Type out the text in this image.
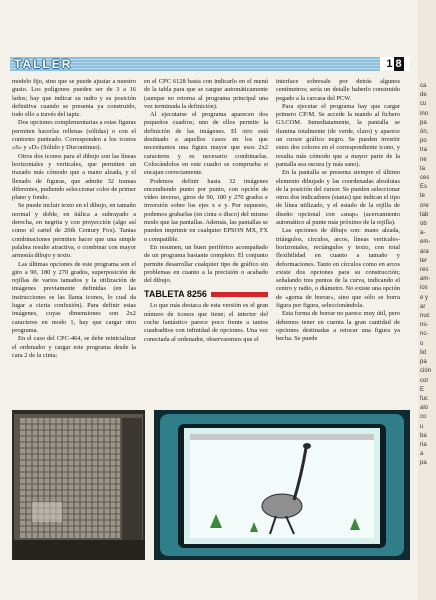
TALLER	1 8

modelo fijo, sino que se puede ajustar a nuestro gusto. Los polígonos pueden ser de 3 a 16 lados; hay que indicar su radio y su posición definitiva cuando se presenta ya construido, todo ello a través del tapiz.

Dos opciones complementarias a estas figuras permiten hacerlas rellenas (sólidas) o con el contorno punteado. Corresponden a los iconos «S» y «D» (Sólido y Discontinuo).

Otros dos iconos para el dibujo son las líneas horizontales y verticales, que permiten un trazado más cómodo que a mano alzada, y el llenado de figuras, que admite 32 tramas diferentes, pudiendo seleccionar color de primer plano y fondo.

Se puede incluir texto en el dibujo, en tamaño normal y doble, en itálica a subrayado a derecha, en negrita y con proyección (algo así como el cartel de 20th Century Fox). Tantas combinaciones permiten hacer que una simple palabra resulte atractiva, o combinar con mayor armonía dibujo y texto.

Las últimas opciones de este programa son el giro a 90, 180 y 270 grados, superposición de rejillas de varios tamaños y la utilización de imágenes previamente definidas (en las instrucciones se las llama iconos, lo cual da lugar a cierta confusión). Para definir estas imágenes, cuyas dimensiones son 2x2 caracteres en modo 1, hay que cargar otro programa.

En el caso del CPC-464, se debe reinicializar el ordenador y cargar este programa desde la cara 2 de la cinta;

en el CPC 6128 basta con indicarlo en el menú de la tabla para que se cargue automáticamente (aunque no retorna al programa principal una vez terminada la definición).

Al ejecutarse el programa aparecen dos pequeños cuadros; uno de ellos permite la definición de las imágenes. El otro está destinado a aquellos casos en los que necesitamos una figura mayor que esos 2x2 caracteres y es necesario combinarlas. Colocándolos en este cuadro se comprueba si encajan correctamente.

Podemos definir hasta 32 imágenes encendiendo punto por punto, con opción de vídeo inverso, giros de 90, 180 y 270 grados e inversión sobre los ejes x e y. Por supuesto, podemos grabarlas (en cinta o disco) del mismo modo que las pantallas. Además, las pantallas se pueden imprimir en cualquier EPSON MX, FX o compatible.

En resumen, un buen periférico acompañado de un programa bastante completo. El conjunto permite desarrollar cualquier tipo de gráfico sin problemas en cuanto a la precisión o acabado del dibujo.

TABLETA 8256

Lo que más destaca de esta versión es el gran número de iconos que tiene; el interior del coche fantástico parece poco frente a tantos cuadraditos con infinidad de opciones. Una vez conectada al ordenador, observaremos que el

interface sobresale por detrás algunos centímetros; sería un detalle haberlo construido pegado a la carcasa del PCW.

Para ejecutar el programa hay que cargar primero CP/M. Se accede la mando al fichero G3.COM. Inmediatamente, la pantalla se ilumina totalmente (de verde, claro) y aparece un cursor gráfico negro. Se pueden invertir estos dos colores en el correspondiente icono, y resulta más cómodo que a mayor parte de la pantalla sea oscura (y más sano).

En la pantalla se presenta siempre el último elemento dibujado y las coordenadas absolutas de la posición del cursor. Se pueden seleccionar otros dos indicadores (status) que indican el tipo de línea utilizado, y el estado de la rejilla de diseño opcional con «snap» (acercamiento automático al punte más próximo de la rejilla).

Las opciones de dibujo son: mano alzada, triángulos, círculos, arcos, líneas verticales-horizontales, rectángulos y texto, con total flexibilidad en cuanto a tamaño y deformaciones. Tanto en círculos como en arcos existe dos opciones para su construcción; señalando tres puntos de la curva, indicando el centro y radio, o diámetro. No existe una opción de «goma de borrar», sino que sólo se borra figura por figura, seleccionándola.

Esta forma de borrar no parece muy útil, pero debemos tener en cuenta la gran cantidad de opciones destinadas a retocar una figura ya hecha. Se puede

ca
de
cu
ino
pa
ón,
po
tra
ne
ta
ces
Es
te
ore
tab
ob
a-
em-
ara
ter
res
am-
ios
e y
ar
nuc
ns-
nc-
o
lid
pa
ción
cor
E
fuc
alo
co
u
ba
ria
a
pa
